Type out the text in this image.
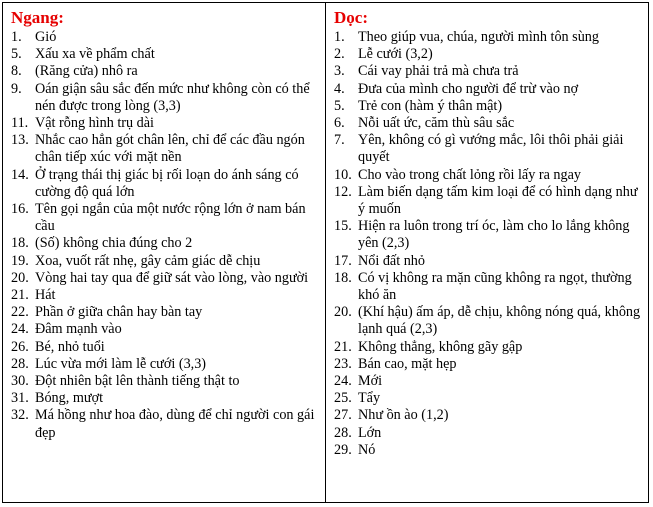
Ngang:
1. Gió
5. Xấu xa về phẩm chất
8. (Răng cửa) nhô ra
9. Oán giận sâu sắc đến mức như không còn có thể nén được trong lòng (3,3)
11. Vật rỗng hình trụ dài
13. Nhắc cao hẳn gót chân lên, chỉ để các đầu ngón chân tiếp xúc với mặt nền
14. Ở trạng thái thị giác bị rối loạn do ánh sáng có cường độ quá lớn
16. Tên gọi ngắn của một nước rộng lớn ở nam bán cầu
18. (Số) không chia đúng cho 2
19. Xoa, vuốt rất nhẹ, gây cảm giác dễ chịu
20. Vòng hai tay qua để giữ sát vào lòng, vào người
21. Hát
22. Phần ở giữa chân hay bàn tay
24. Đâm mạnh vào
26. Bé, nhỏ tuổi
28. Lúc vừa mới làm lễ cưới (3,3)
30. Đột nhiên bật lên thành tiếng thật to
31. Bóng, mượt
32. Má hồng như hoa đào, dùng để chỉ người con gái đẹp
Dọc:
1. Theo giúp vua, chúa, người mình tôn sùng
2. Lễ cưới (3,2)
3. Cái vay phải trả mà chưa trả
4. Đưa của mình cho người để trừ vào nợ
5. Trẻ con (hàm ý thân mật)
6. Nỗi uất ức, căm thù sâu sắc
7. Yên, không có gì vướng mắc, lôi thôi phải giải quyết
10. Cho vào trong chất lỏng rồi lấy ra ngay
12. Làm biến dạng tấm kim loại để có hình dạng như ý muốn
15. Hiện ra luôn trong trí óc, làm cho lo lắng không yên (2,3)
17. Nổi đất nhỏ
18. Có vị không ra mặn cũng không ra ngọt, thường khó ăn
20. (Khí hậu) ấm áp, dễ chịu, không nóng quá, không lạnh quá (2,3)
21. Không thẳng, không gãy gập
23. Bán cao, mặt hẹp
24. Mới
25. Tẩy
27. Như ồn ào (1,2)
28. Lớn
29. Nó
